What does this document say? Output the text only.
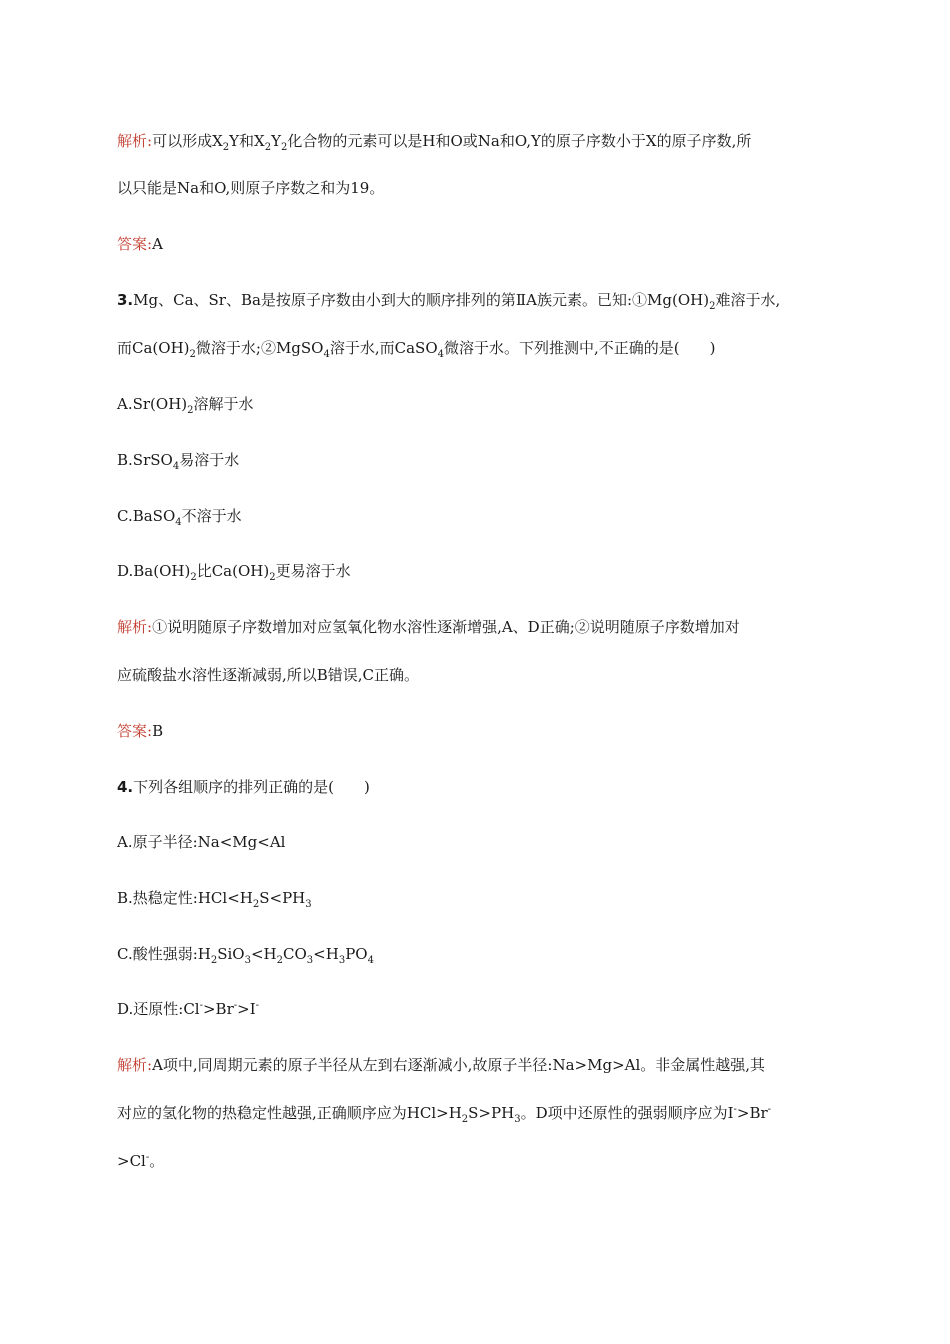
解析:可以形成$X_2Y$和$X_2Y_2$化合物的元素可以是H和O或Na和O,Y的原子序数小于X的原子序数,所
以只能是Na和O,则原子序数之和为19。
答案:A
3.Mg、Ca、Sr、Ba是按原子序数由小到大的顺序排列的第ⅡA族元素。已知$:①Mg(OH)_2$难溶于水,
而$Ca(OH)_2$微溶于水;②MgSO$_4$溶于水,而CaSO$_4$微溶于水。下列推测中,不正确的是(　　)
$A.Sr(OH)_2$溶解于水
B.SrSO$_4$易溶于水
C.BaSO$_4$不溶于水
$D.Ba(OH)_2$比$Ca(OH)_2$更易溶于水
解析:①说明随原子序数增加对应氢氧化物水溶性逐渐增强,A、D正确;②说明随原子序数增加对
应硫酸盐水溶性逐渐减弱,所以B错误,C正确。
答案:B
4.下列各组顺序的排列正确的是(　　)
A.原子半径:Na<Mg<Al
B.热稳定性$:HCl<H_2S<PH_3$
C.酸性强弱$:H_2SiO_3<H_2CO_3<H_3PO_4$
D.还原性:Cl->Br->I-
解析:A项中,同周期元素的原子半径从左到右逐渐减小,故原子半径:Na>Mg>Al。非金属性越强,其
对应的氢化物的热稳定性越强,正确顺序应为$HCl>H_2S>PH_3$。D项中还原性的强弱顺序应为I->Br-
>Cl-。
